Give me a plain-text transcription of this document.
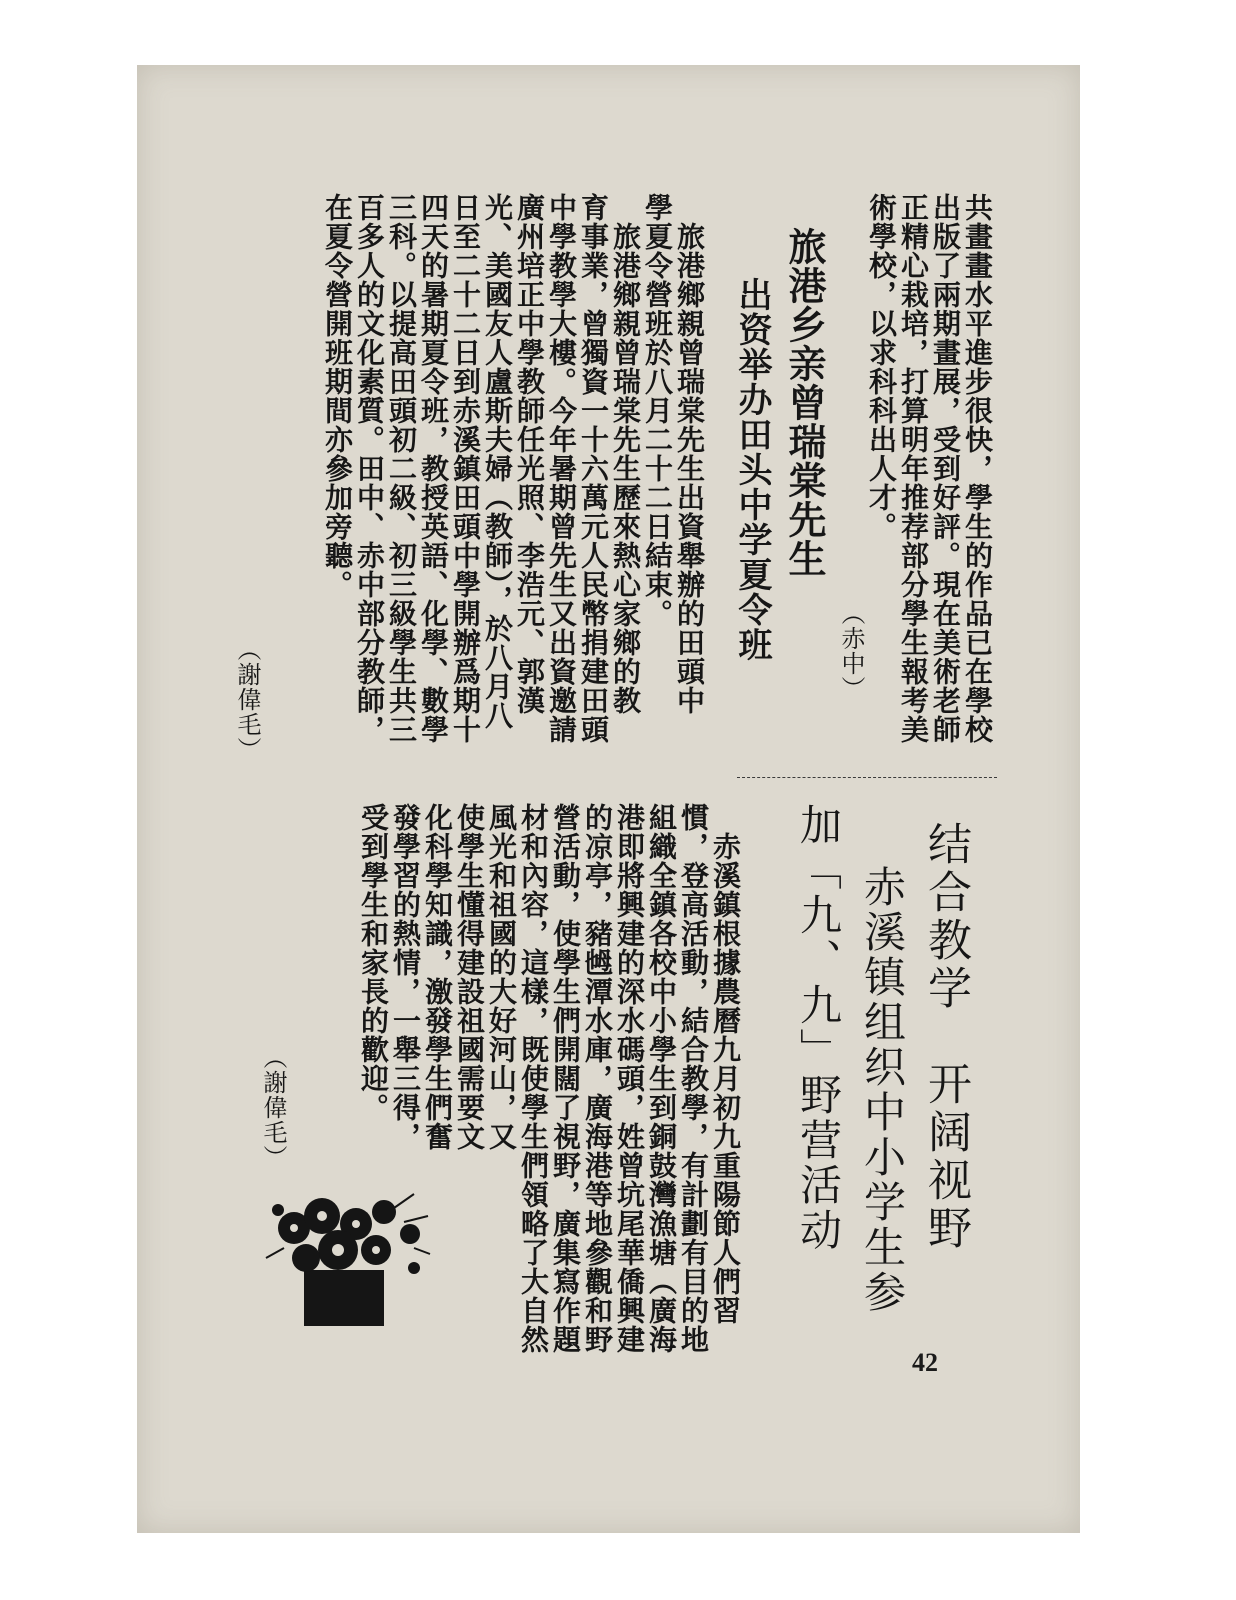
共畫畫水平進步很快，學生的作品已在學校
出版了兩期畫展，受到好評。現在美術老師
正精心栽培，打算明年推荐部分學生報考美
術學校，以求科科出人才。
（赤中）
旅港乡亲曾瑞棠先生
出资举办田头中学夏令班
　旅港鄉親曾瑞棠先生出資舉辦的田頭中
學夏令營班於八月二十二日結束。
　旅港鄉親曾瑞棠先生歷來熱心家鄉的教
育事業，曾獨資一十六萬元人民幣捐建田頭
中學教學大樓。今年暑期曾先生又出資邀請
廣州培正中學教師任光照、李浩元、郭漢
光、美國友人盧斯夫婦（教師），於八月八
日至二十二日到赤溪鎮田頭中學開辦爲期十
四天的暑期夏令班，教授英語、化學、數學
三科。以提高田頭初二級、初三級學生共三
百多人的文化素質。田中、赤中部分教師，
在夏令營開班期間亦參加旁聽。
（謝偉毛）
结合教学　开阔视野
赤溪镇组织中小学生参
加「九、九」野营活动
　赤溪鎮根據農曆九月初九重陽節人們習
慣，登高活動，結合教學，有計劃有目的地
組織全鎮各校中小學生到銅鼓灣漁塘（廣海
港即將興建的深水碼頭，姓曾坑尾華僑興建
的凉亭，豬乸潭水庫，廣海港等地參觀和野
營活動，使學生們開闊了視野，廣集寫作題
材和內容，這樣，既使學生們領略了大自然
風光和祖國的大好河山，又
使學生懂得建設祖國需要文
化科學知識，激發學生們奮
發學習的熱情，一舉三得，
受到學生和家長的歡迎。
（謝偉毛）
42
